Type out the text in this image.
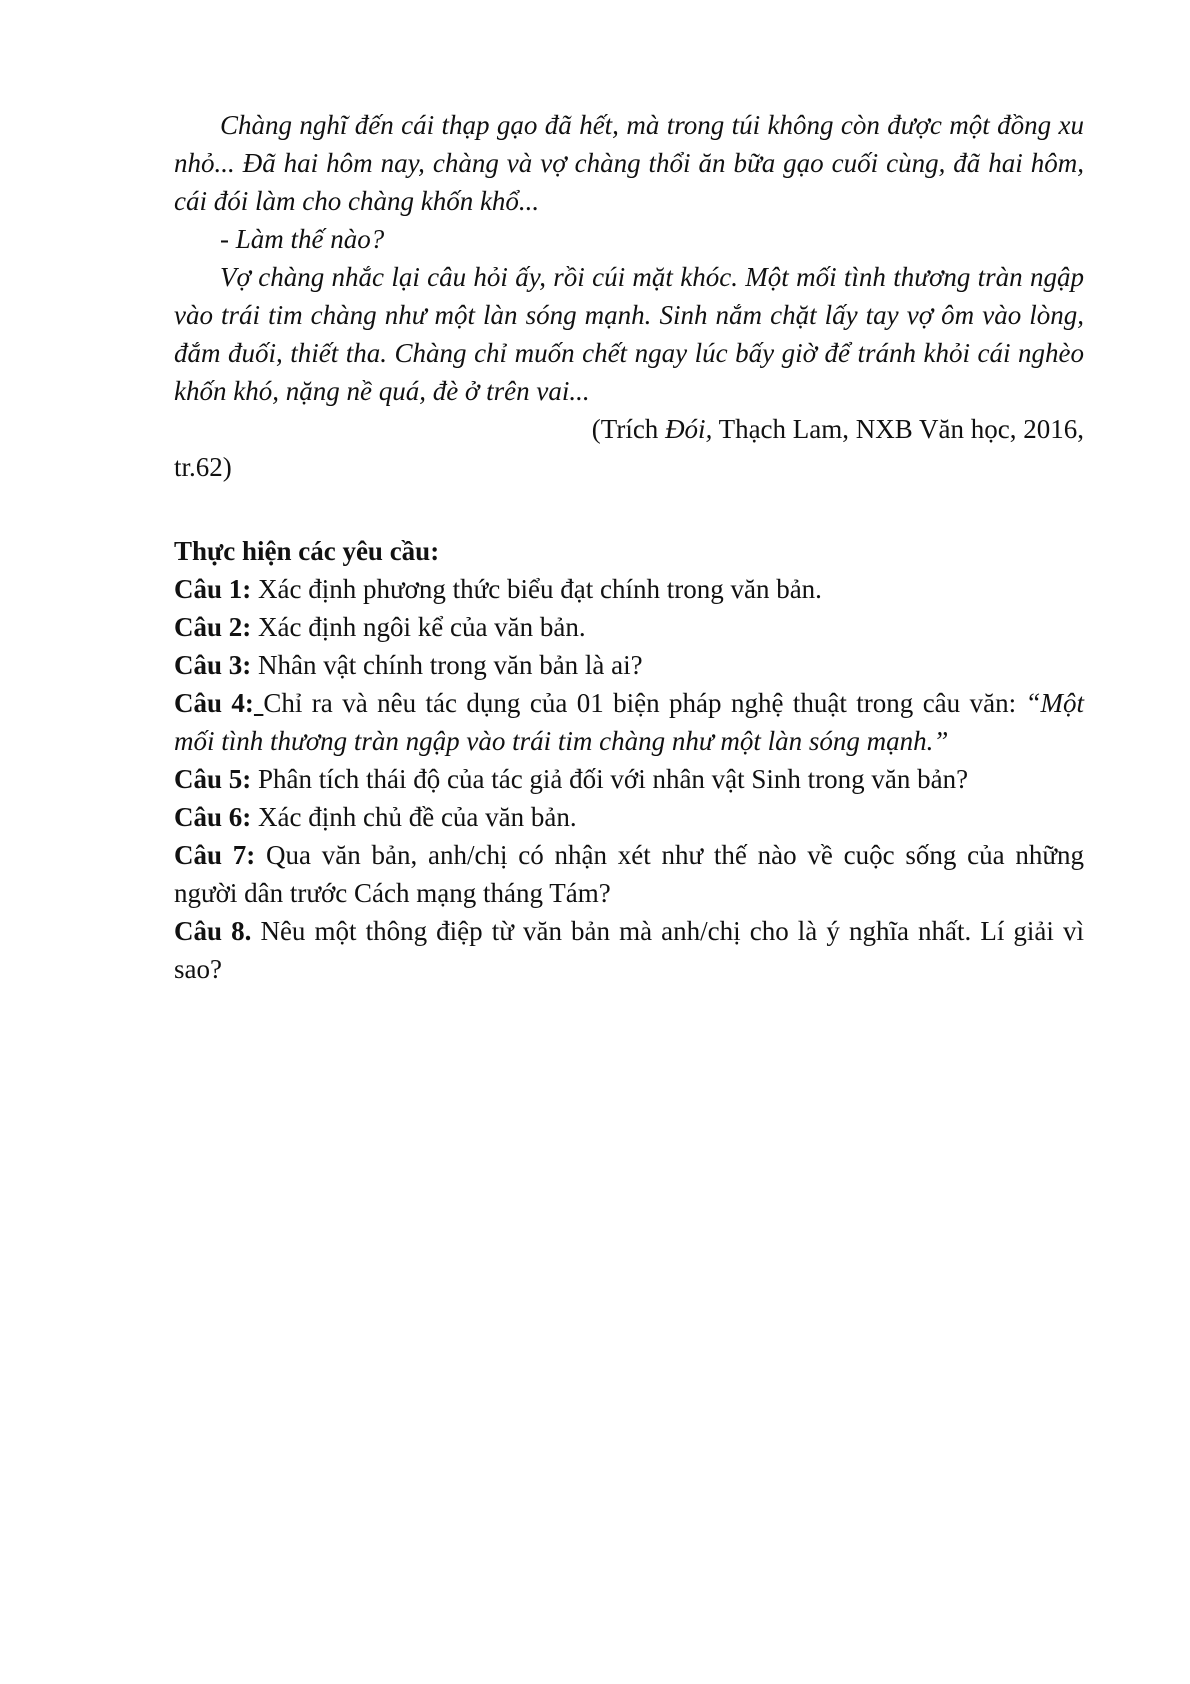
Chàng nghĩ đến cái thạp gạo đã hết, mà trong túi không còn được một đồng xu nhỏ... Đã hai hôm nay, chàng và vợ chàng thổi ăn bữa gạo cuối cùng, đã hai hôm, cái đói làm cho chàng khốn khổ...

- Làm thế nào?

Vợ chàng nhắc lại câu hỏi ấy, rồi cúi mặt khóc. Một mối tình thương tràn ngập vào trái tim chàng như một làn sóng mạnh. Sinh nắm chặt lấy tay vợ ôm vào lòng, đắm đuối, thiết tha. Chàng chỉ muốn chết ngay lúc bấy giờ để tránh khỏi cái nghèo khốn khó, nặng nề quá, đè ở trên vai...

(Trích Đói, Thạch Lam, NXB Văn học, 2016,
tr.62)

Thực hiện các yêu cầu:

Câu 1: Xác định phương thức biểu đạt chính trong văn bản.

Câu 2: Xác định ngôi kể của văn bản.

Câu 3: Nhân vật chính trong văn bản là ai?

Câu 4: Chỉ ra và nêu tác dụng của 01 biện pháp nghệ thuật trong câu văn: “Một mối tình thương tràn ngập vào trái tim chàng như một làn sóng mạnh.”

Câu 5: Phân tích thái độ của tác giả đối với nhân vật Sinh trong văn bản?

Câu 6: Xác định chủ đề của văn bản.

Câu 7: Qua văn bản, anh/chị có nhận xét như thế nào về cuộc sống của những người dân trước Cách mạng tháng Tám?

Câu 8. Nêu một thông điệp từ văn bản mà anh/chị cho là ý nghĩa nhất. Lí giải vì sao?
